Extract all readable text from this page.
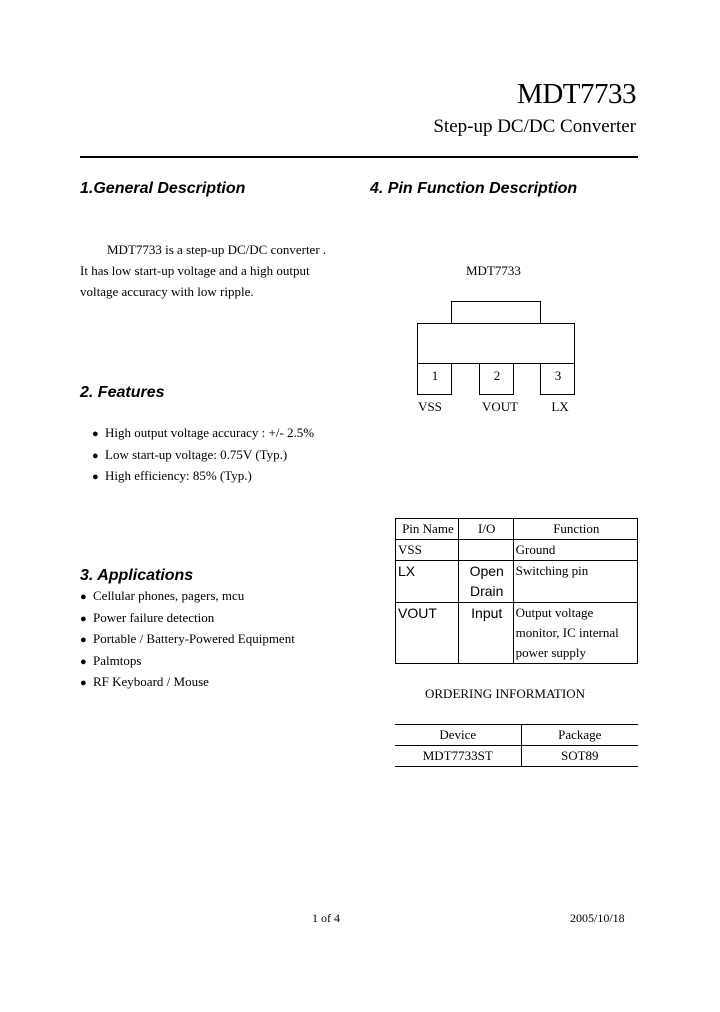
MDT7733
Step-up DC/DC Converter
1.General Description
MDT7733 is a step-up DC/DC converter .
It has low start-up voltage and a high output
voltage accuracy with low ripple.
2. Features
● High output voltage accuracy : +/- 2.5%
● Low start-up voltage: 0.75V (Typ.)
● High efficiency: 85% (Typ.)
3. Applications
● Cellular phones, pagers, mcu
● Power failure detection
● Portable / Battery-Powered Equipment
● Palmtops
● RF Keyboard / Mouse
4. Pin Function Description
MDT7733
1	2	3
VSS	VOUT	LX
Pin Name	I/O	Function
VSS		Ground
LX	Open Drain	Switching pin
VOUT	Input	Output voltage monitor, IC internal power supply
ORDERING INFORMATION
Device	Package
MDT7733ST	SOT89
1 of 4	2005/10/18
